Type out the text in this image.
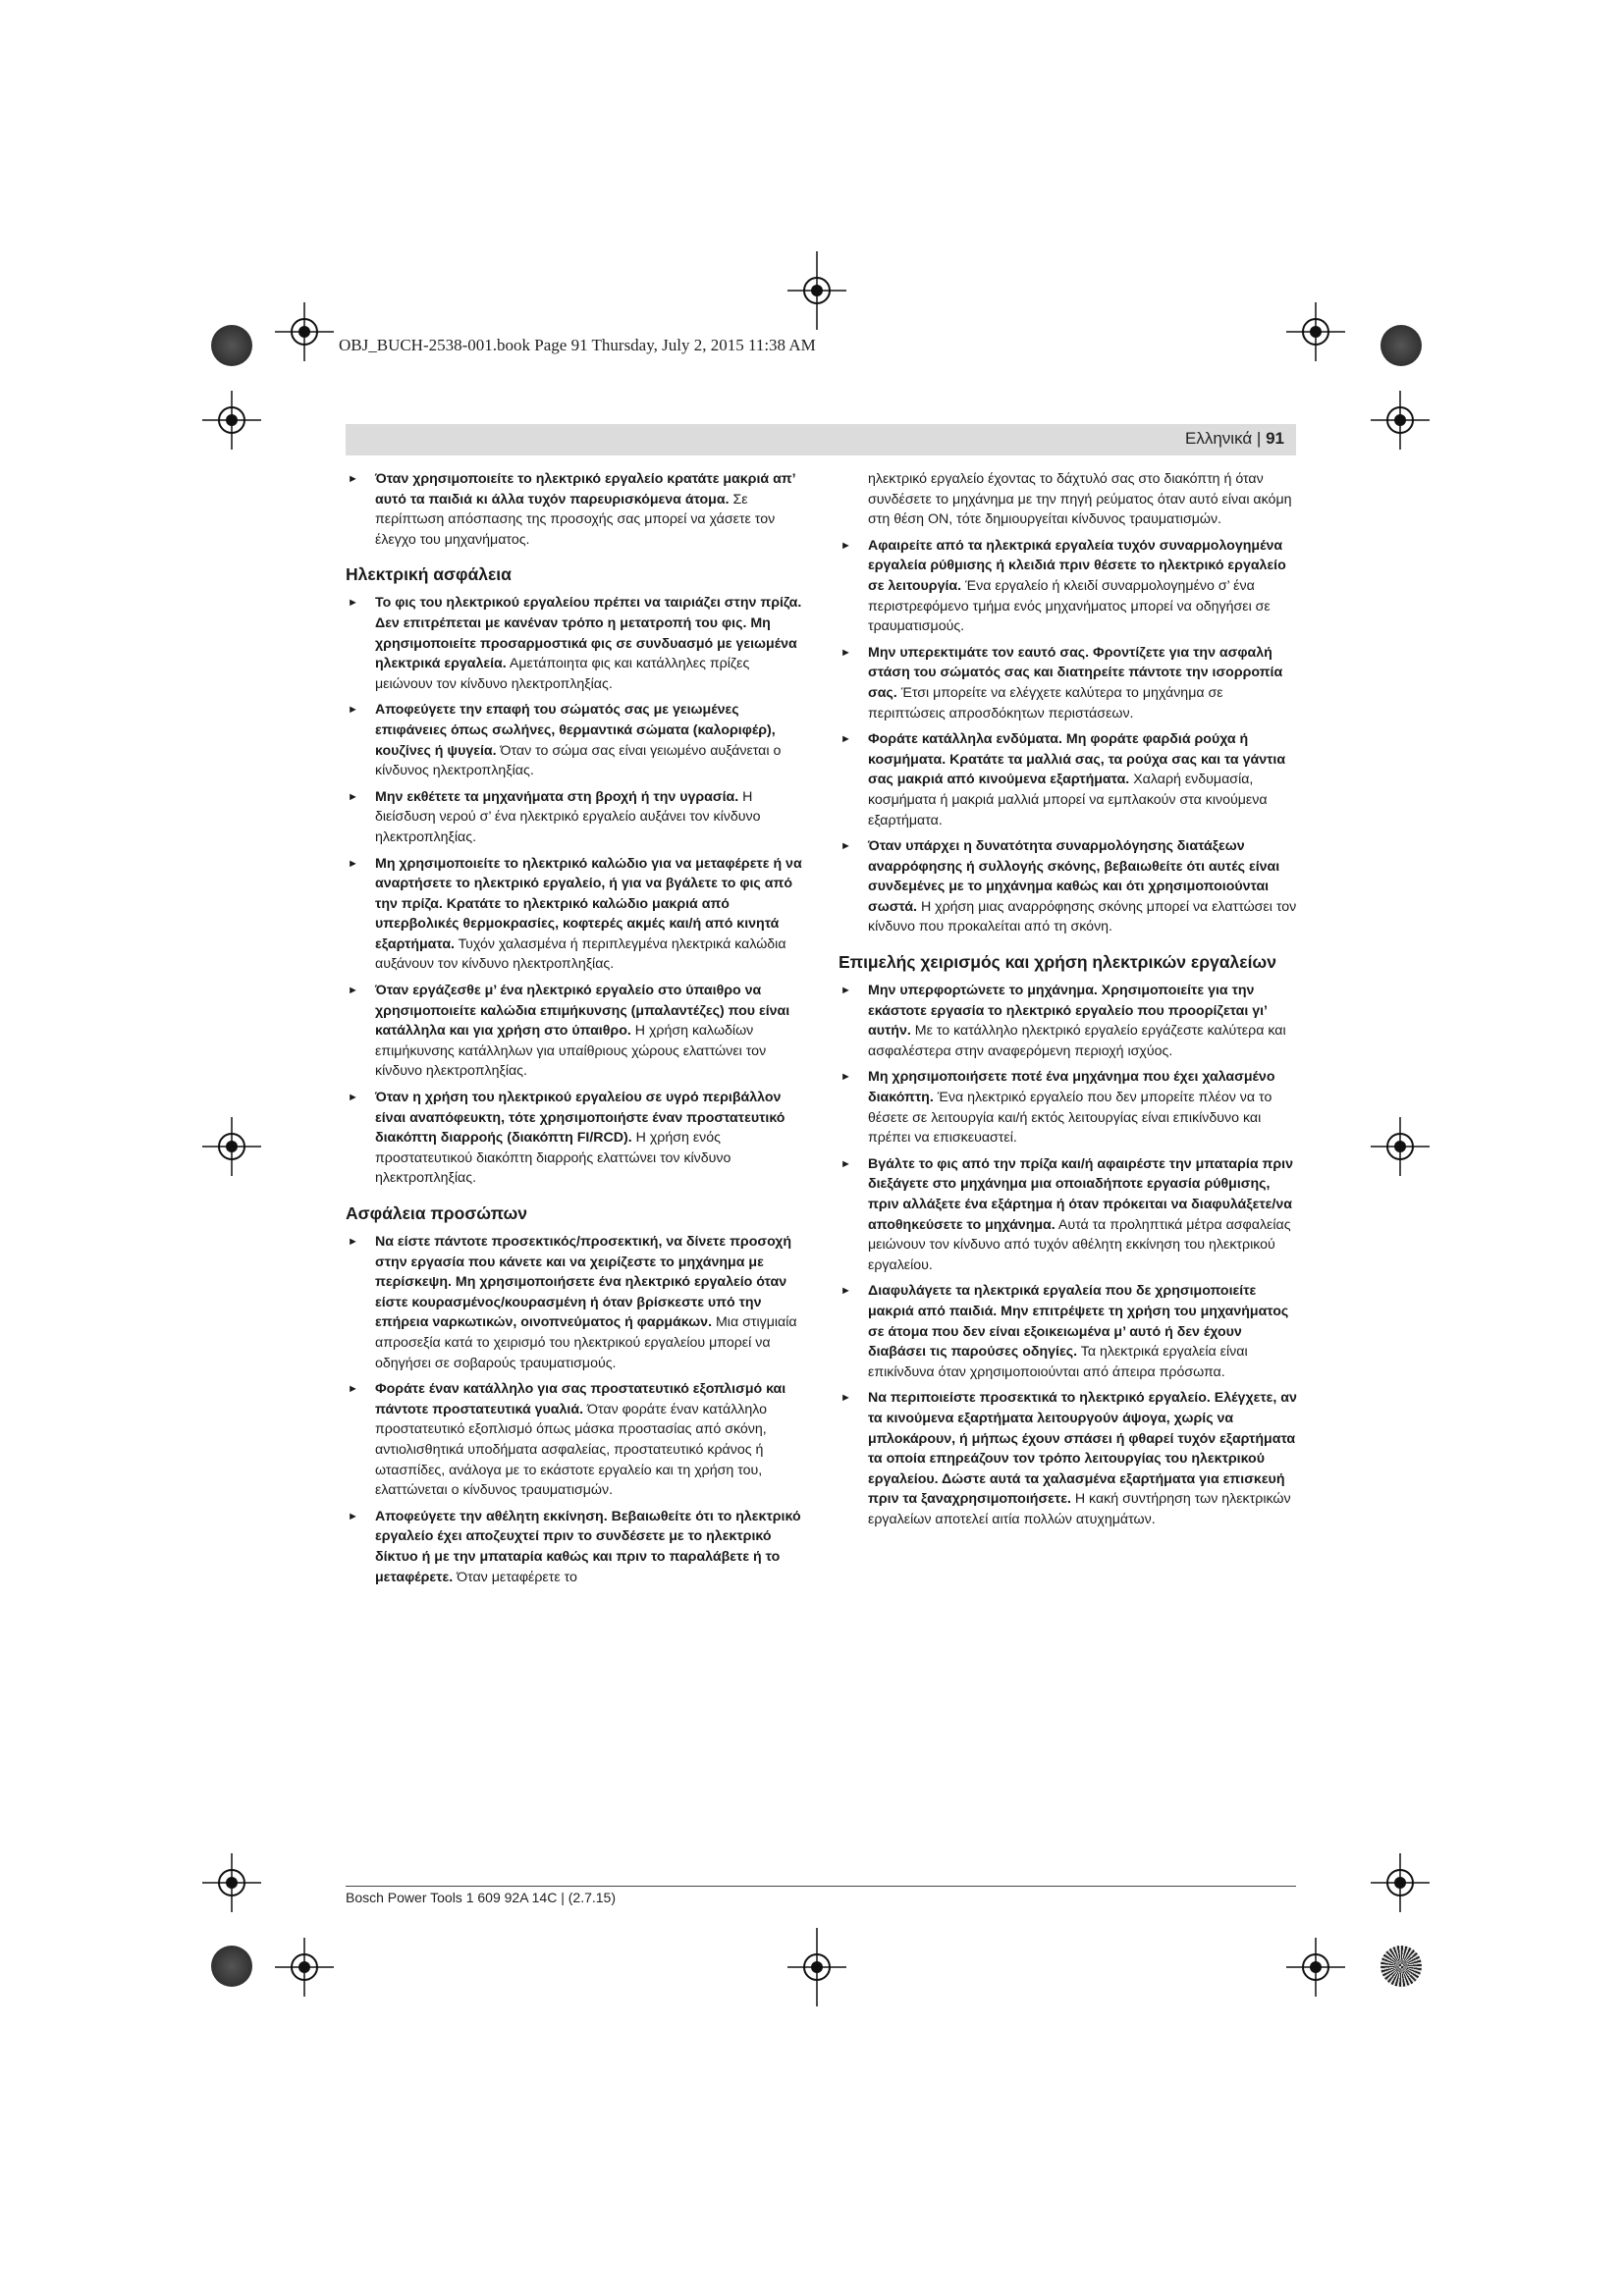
OBJ_BUCH-2538-001.book Page 91 Thursday, July 2, 2015 11:38 AM
Ελληνικά | 91
► Όταν χρησιμοποιείτε το ηλεκτρικό εργαλείο κρατάτε μακριά απ’ αυτό τα παιδιά κι άλλα τυχόν παρευρισκόμενα άτομα. Σε περίπτωση απόσπασης της προσοχής σας μπορεί να χάσετε τον έλεγχο του μηχανήματος.
Ηλεκτρική ασφάλεια
► Το φις του ηλεκτρικού εργαλείου πρέπει να ταιριάζει στην πρίζα. Δεν επιτρέπεται με κανέναν τρόπο η μετατροπή του φις. Μη χρησιμοποιείτε προσαρμοστικά φις σε συνδυασμό με γειωμένα ηλεκτρικά εργαλεία. Αμετάποιητα φις και κατάλληλες πρίζες μειώνουν τον κίνδυνο ηλεκτροπληξίας.
► Αποφεύγετε την επαφή του σώματός σας με γειωμένες επιφάνειες όπως σωλήνες, θερμαντικά σώματα (καλοριφέρ), κουζίνες ή ψυγεία. Όταν το σώμα σας είναι γειωμένο αυξάνεται ο κίνδυνος ηλεκτροπληξίας.
► Μην εκθέτετε τα μηχανήματα στη βροχή ή την υγρασία. Η διείσδυση νερού σ’ ένα ηλεκτρικό εργαλείο αυξάνει τον κίνδυνο ηλεκτροπληξίας.
► Μη χρησιμοποιείτε το ηλεκτρικό καλώδιο για να μεταφέρετε ή να αναρτήσετε το ηλεκτρικό εργαλείο, ή για να βγάλετε το φις από την πρίζα. Κρατάτε το ηλεκτρικό καλώδιο μακριά από υπερβολικές θερμοκρασίες, κοφτερές ακμές και/ή από κινητά εξαρτήματα. Τυχόν χαλασμένα ή περιπλεγμένα ηλεκτρικά καλώδια αυξάνουν τον κίνδυνο ηλεκτροπληξίας.
► Όταν εργάζεσθε μ’ ένα ηλεκτρικό εργαλείο στο ύπαιθρο να χρησιμοποιείτε καλώδια επιμήκυνσης (μπαλαντέζες) που είναι κατάλληλα και για χρήση στο ύπαιθρο. Η χρήση καλωδίων επιμήκυνσης κατάλληλων για υπαίθριους χώρους ελαττώνει τον κίνδυνο ηλεκτροπληξίας.
► Όταν η χρήση του ηλεκτρικού εργαλείου σε υγρό περιβάλλον είναι αναπόφευκτη, τότε χρησιμοποιήστε έναν προστατευτικό διακόπτη διαρροής (διακόπτη FI/RCD). Η χρήση ενός προστατευτικού διακόπτη διαρροής ελαττώνει τον κίνδυνο ηλεκτροπληξίας.
Ασφάλεια προσώπων
► Να είστε πάντοτε προσεκτικός/προσεκτική, να δίνετε προσοχή στην εργασία που κάνετε και να χειρίζεστε το μηχάνημα με περίσκεψη. Μη χρησιμοποιήσετε ένα ηλεκτρικό εργαλείο όταν είστε κουρασμένος/κουρασμένη ή όταν βρίσκεστε υπό την επήρεια ναρκωτικών, οινοπνεύματος ή φαρμάκων. Μια στιγμιαία απροσεξία κατά το χειρισμό του ηλεκτρικού εργαλείου μπορεί να οδηγήσει σε σοβαρούς τραυματισμούς.
► Φοράτε έναν κατάλληλο για σας προστατευτικό εξοπλισμό και πάντοτε προστατευτικά γυαλιά. Όταν φοράτε έναν κατάλληλο προστατευτικό εξοπλισμό όπως μάσκα προστασίας από σκόνη, αντιολισθητικά υποδήματα ασφαλείας, προστατευτικό κράνος ή ωτασπίδες, ανάλογα με το εκάστοτε εργαλείο και τη χρήση του, ελαττώνεται ο κίνδυνος τραυματισμών.
► Αποφεύγετε την αθέλητη εκκίνηση. Βεβαιωθείτε ότι το ηλεκτρικό εργαλείο έχει αποζευχτεί πριν το συνδέσετε με το ηλεκτρικό δίκτυο ή με την μπαταρία καθώς και πριν το παραλάβετε ή το μεταφέρετε. Όταν μεταφέρετε το
ηλεκτρικό εργαλείο έχοντας το δάχτυλό σας στο διακόπτη ή όταν συνδέσετε το μηχάνημα με την πηγή ρεύματος όταν αυτό είναι ακόμη στη θέση ON, τότε δημιουργείται κίνδυνος τραυματισμών.
► Αφαιρείτε από τα ηλεκτρικά εργαλεία τυχόν συναρμολογημένα εργαλεία ρύθμισης ή κλειδιά πριν θέσετε το ηλεκτρικό εργαλείο σε λειτουργία. Ένα εργαλείο ή κλειδί συναρμολογημένο σ’ ένα περιστρεφόμενο τμήμα ενός μηχανήματος μπορεί να οδηγήσει σε τραυματισμούς.
► Μην υπερεκτιμάτε τον εαυτό σας. Φροντίζετε για την ασφαλή στάση του σώματός σας και διατηρείτε πάντοτε την ισορροπία σας. Έτσι μπορείτε να ελέγχετε καλύτερα το μηχάνημα σε περιπτώσεις απροσδόκητων περιστάσεων.
► Φοράτε κατάλληλα ενδύματα. Μη φοράτε φαρδιά ρούχα ή κοσμήματα. Κρατάτε τα μαλλιά σας, τα ρούχα σας και τα γάντια σας μακριά από κινούμενα εξαρτήματα. Χαλαρή ενδυμασία, κοσμήματα ή μακριά μαλλιά μπορεί να εμπλακούν στα κινούμενα εξαρτήματα.
► Όταν υπάρχει η δυνατότητα συναρμολόγησης διατάξεων αναρρόφησης ή συλλογής σκόνης, βεβαιωθείτε ότι αυτές είναι συνδεμένες με το μηχάνημα καθώς και ότι χρησιμοποιούνται σωστά. Η χρήση μιας αναρρόφησης σκόνης μπορεί να ελαττώσει τον κίνδυνο που προκαλείται από τη σκόνη.
Επιμελής χειρισμός και χρήση ηλεκτρικών εργαλείων
► Μην υπερφορτώνετε το μηχάνημα. Χρησιμοποιείτε για την εκάστοτε εργασία το ηλεκτρικό εργαλείο που προορίζεται γι’ αυτήν. Με το κατάλληλο ηλεκτρικό εργαλείο εργάζεστε καλύτερα και ασφαλέστερα στην αναφερόμενη περιοχή ισχύος.
► Μη χρησιμοποιήσετε ποτέ ένα μηχάνημα που έχει χαλασμένο διακόπτη. Ένα ηλεκτρικό εργαλείο που δεν μπορείτε πλέον να το θέσετε σε λειτουργία και/ή εκτός λειτουργίας είναι επικίνδυνο και πρέπει να επισκευαστεί.
► Βγάλτε το φις από την πρίζα και/ή αφαιρέστε την μπαταρία πριν διεξάγετε στο μηχάνημα μια οποιαδήποτε εργασία ρύθμισης, πριν αλλάξετε ένα εξάρτημα ή όταν πρόκειται να διαφυλάξετε/να αποθηκεύσετε το μηχάνημα. Αυτά τα προληπτικά μέτρα ασφαλείας μειώνουν τον κίνδυνο από τυχόν αθέλητη εκκίνηση του ηλεκτρικού εργαλείου.
► Διαφυλάγετε τα ηλεκτρικά εργαλεία που δε χρησιμοποιείτε μακριά από παιδιά. Μην επιτρέψετε τη χρήση του μηχανήματος σε άτομα που δεν είναι εξοικειωμένα μ’ αυτό ή δεν έχουν διαβάσει τις παρούσες οδηγίες. Τα ηλεκτρικά εργαλεία είναι επικίνδυνα όταν χρησιμοποιούνται από άπειρα πρόσωπα.
► Να περιποιείστε προσεκτικά το ηλεκτρικό εργαλείο. Ελέγχετε, αν τα κινούμενα εξαρτήματα λειτουργούν άψογα, χωρίς να μπλοκάρουν, ή μήπως έχουν σπάσει ή φθαρεί τυχόν εξαρτήματα τα οποία επηρεάζουν τον τρόπο λειτουργίας του ηλεκτρικού εργαλείου. Δώστε αυτά τα χαλασμένα εξαρτήματα για επισκευή πριν τα ξαναχρησιμοποιήσετε. Η κακή συντήρηση των ηλεκτρικών εργαλείων αποτελεί αιτία πολλών ατυχημάτων.
Bosch Power Tools 1 609 92A 14C | (2.7.15)
